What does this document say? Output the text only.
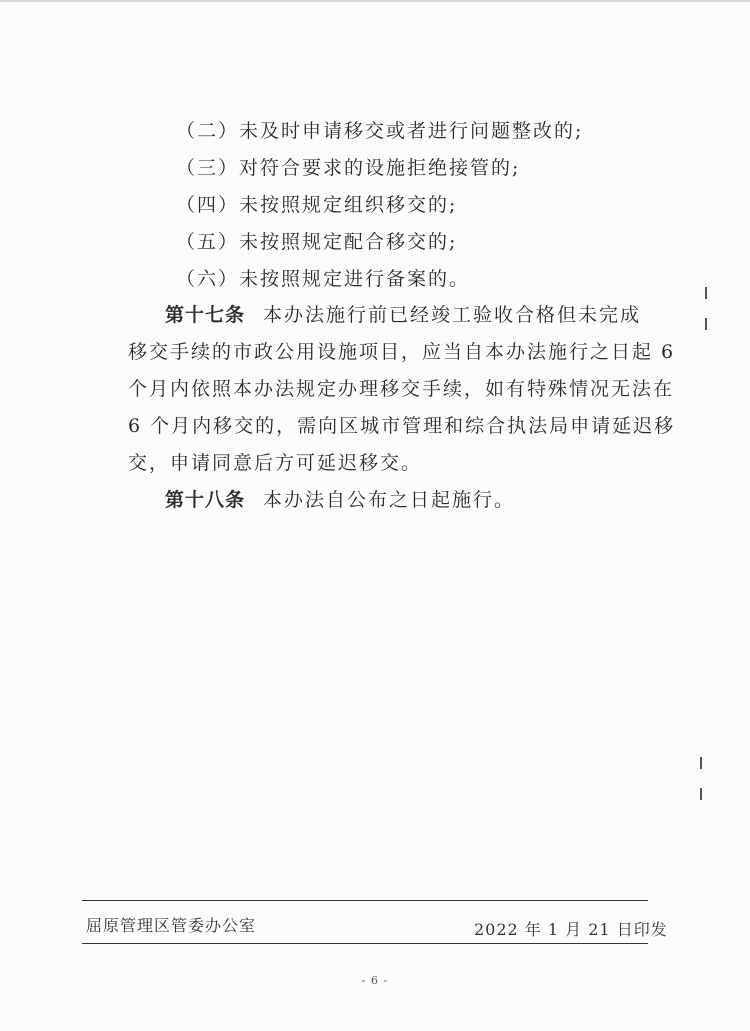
（二）未及时申请移交或者进行问题整改的;
（三）对符合要求的设施拒绝接管的;
（四）未按照规定组织移交的;
（五）未按照规定配合移交的;
（六）未按照规定进行备案的。
第十七条 本办法施行前已经竣工验收合格但未完成
移交手续的市政公用设施项目，应当自本办法施行之日起 6
个月内依照本办法规定办理移交手续，如有特殊情况无法在
6 个月内移交的，需向区城市管理和综合执法局申请延迟移
交，申请同意后方可延迟移交。
第十八条 本办法自公布之日起施行。
屈原管理区管委办公室	2022 年 1 月 21 日印发
- 6 -
